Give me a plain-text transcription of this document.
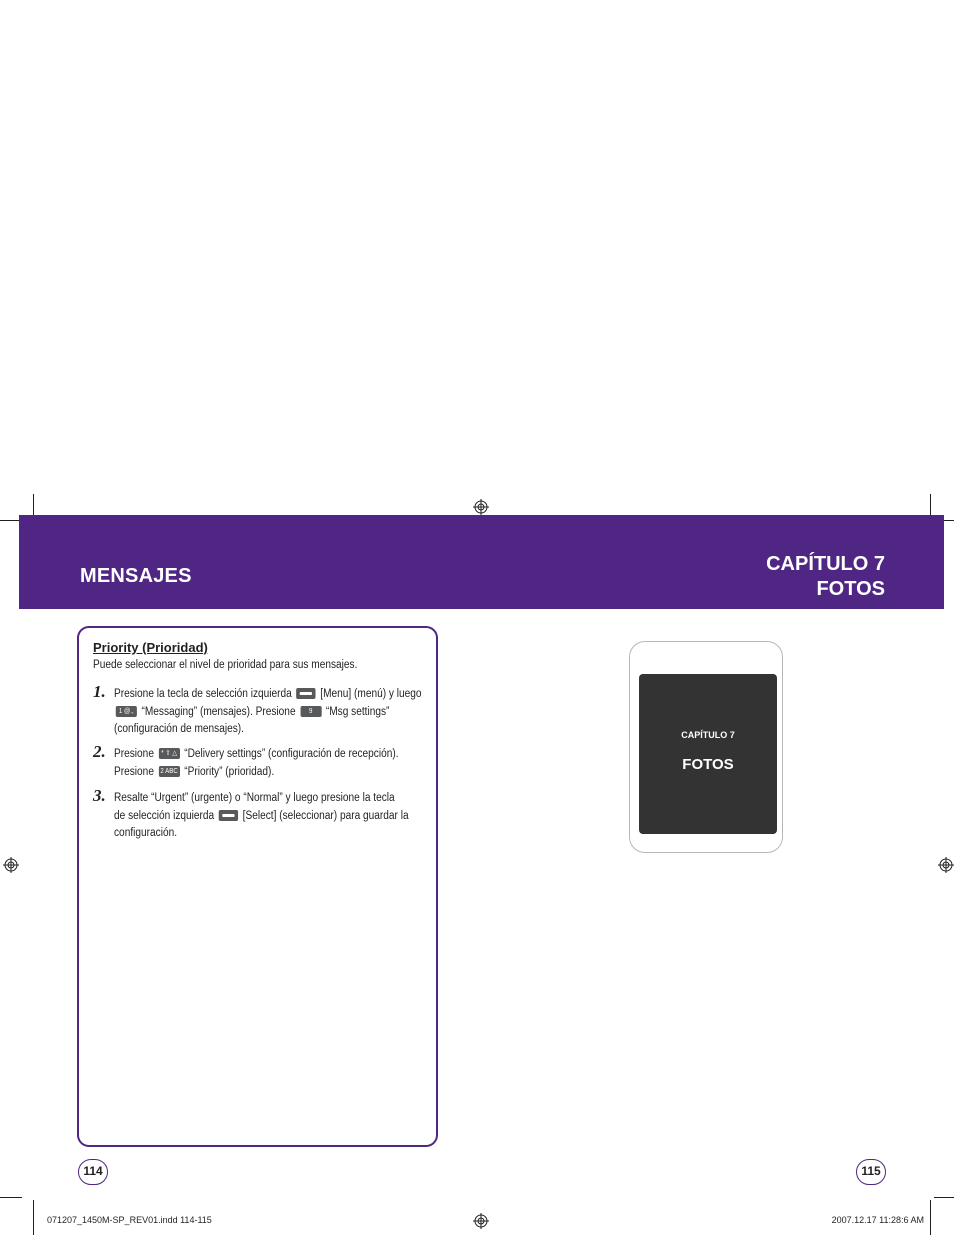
MENSAJES
CAPÍTULO 7
FOTOS
Priority (Prioridad)
Puede seleccionar el nivel de prioridad para sus mensajes.
1. Presione la tecla de selección izquierda [Menu] (menú) y luego
1 @., “Messaging” (mensajes). Presione 9 WXYZ “Msg settings”
(configuración de mensajes).
2. Presione * ⇧ △ “Delivery settings” (configuración de recepción).
Presione 2 ABC “Priority” (prioridad).
3. Resalte “Urgent” (urgente) o “Normal” y luego presione la tecla
de selección izquierda [Select] (seleccionar) para guardar la
configuración.
CAPÍTULO 7
FOTOS
114	115
071207_1450M-SP_REV01.indd 114-115	2007.12.17 11:28:6 AM
